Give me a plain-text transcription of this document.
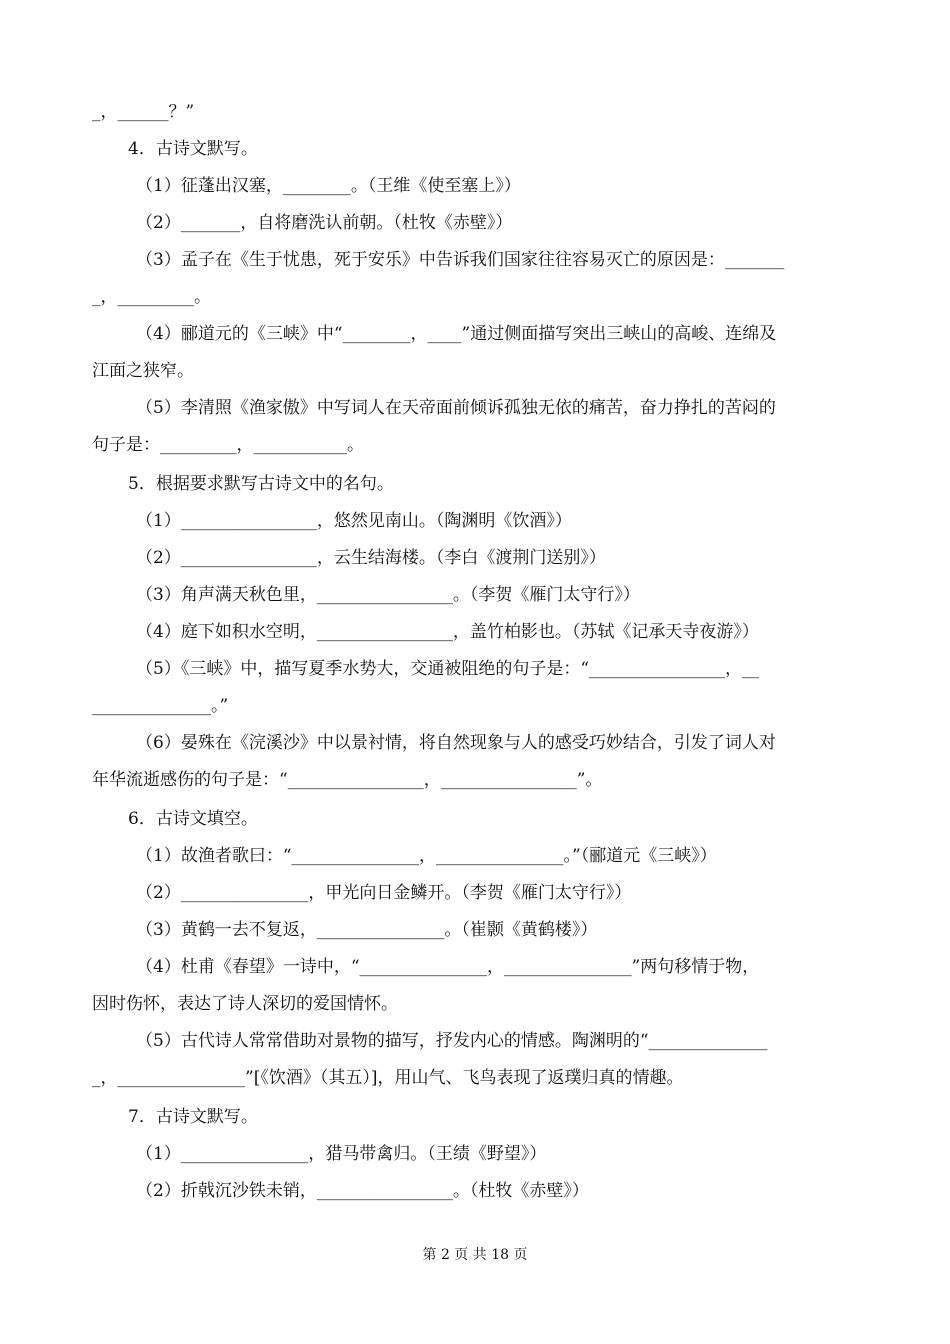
_，______？”
4．古诗文默写。
（1）征蓬出汉塞，________。（王维《使至塞上》）
（2）_______，自将磨洗认前朝。（杜牧《赤壁》）
（3）孟子在《生于忧患，死于安乐》中告诉我们国家往往容易灭亡的原因是：_______
_，_________。
（4）郦道元的《三峡》中“________，____”通过侧面描写突出三峡山的高峻、连绵及
江面之狭窄。
（5）李清照《渔家傲》中写词人在天帝面前倾诉孤独无依的痛苦，奋力挣扎的苦闷的
句子是：_________，___________。
5．根据要求默写古诗文中的名句。
（1）________________，悠然见南山。（陶渊明《饮酒》）
（2）________________，云生结海楼。（李白《渡荆门送别》）
（3）角声满天秋色里，________________。（李贺《雁门太守行》）
（4）庭下如积水空明，________________，盖竹柏影也。（苏轼《记承天寺夜游》）
（5）《三峡》中，描写夏季水势大，交通被阻绝的句子是：“________________，__
______________。”
（6）晏殊在《浣溪沙》中以景衬情，将自然现象与人的感受巧妙结合，引发了词人对
年华流逝感伤的句子是：“________________，________________”。
6．古诗文填空。
（1）故渔者歌曰：“_______________，_______________。”（郦道元《三峡》）
（2）_______________，甲光向日金鳞开。（李贺《雁门太守行》）
（3）黄鹤一去不复返，_______________。（崔颢《黄鹤楼》）
（4）杜甫《春望》一诗中，“_______________，_______________”两句移情于物，
因时伤怀，表达了诗人深切的爱国情怀。
（5）古代诗人常常借助对景物的描写，抒发内心的情感。陶渊明的“______________
_，_______________”[《饮酒》（其五）]，用山气、飞鸟表现了返璞归真的情趣。
7．古诗文默写。
（1）_______________，猎马带禽归。（王绩《野望》）
（2）折戟沉沙铁未销，________________。（杜牧《赤壁》）
第 2 页 共 18 页
